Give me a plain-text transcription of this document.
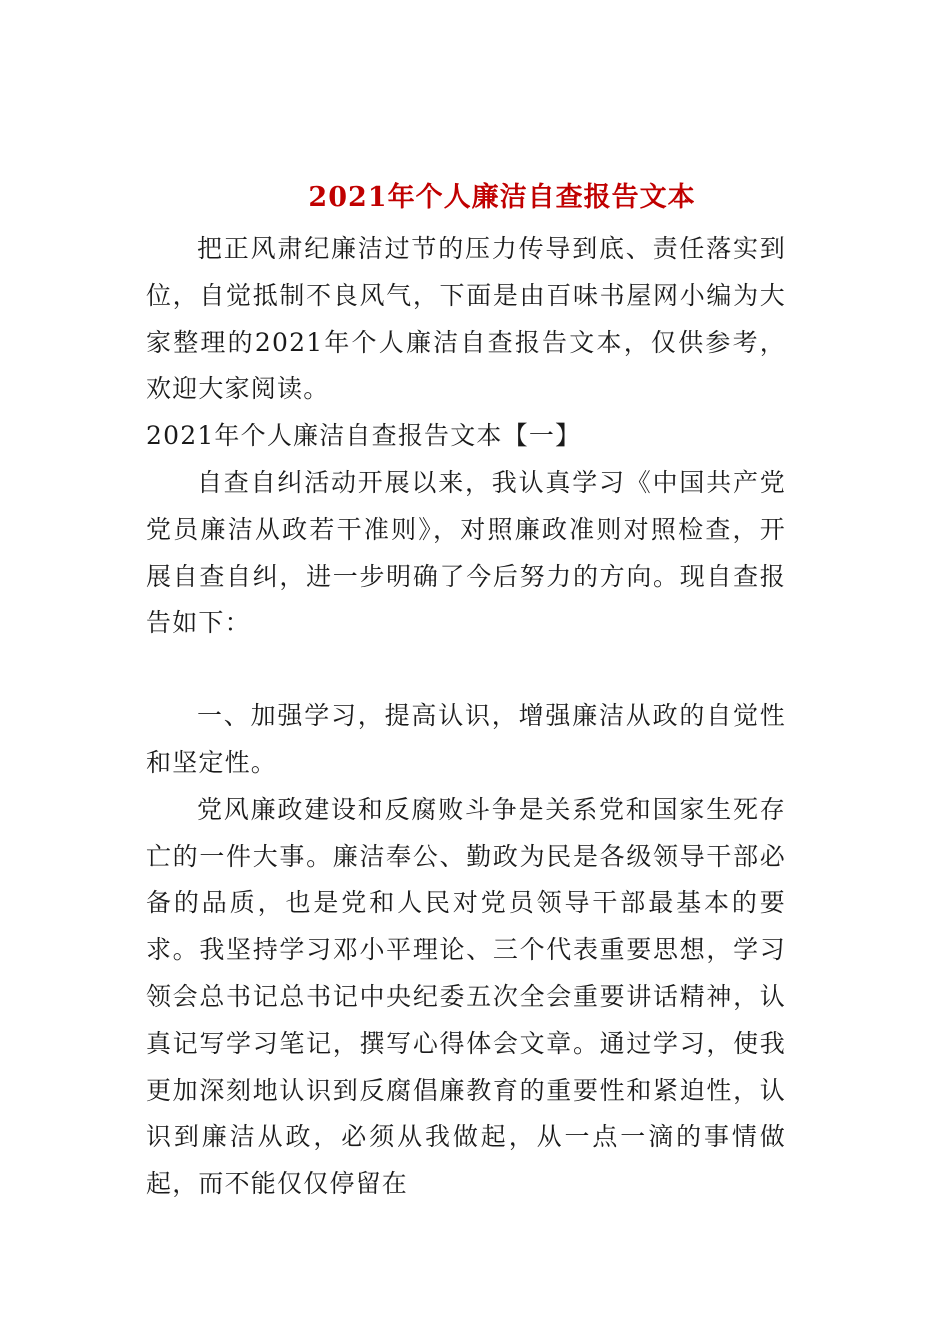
2021年个人廉洁自查报告文本

把正风肃纪廉洁过节的压力传导到底、责任落实到位，自觉抵制不良风气，下面是由百味书屋网小编为大家整理的2021年个人廉洁自查报告文本，仅供参考，欢迎大家阅读。

2021年个人廉洁自查报告文本【一】

自查自纠活动开展以来，我认真学习《中国共产党党员廉洁从政若干准则》，对照廉政准则对照检查，开展自查自纠，进一步明确了今后努力的方向。现自查报告如下：

一、加强学习，提高认识，增强廉洁从政的自觉性和坚定性。

党风廉政建设和反腐败斗争是关系党和国家生死存亡的一件大事。廉洁奉公、勤政为民是各级领导干部必备的品质，也是党和人民对党员领导干部最基本的要求。我坚持学习邓小平理论、三个代表重要思想，学习领会总书记总书记中央纪委五次全会重要讲话精神，认真记写学习笔记，撰写心得体会文章。通过学习，使我更加深刻地认识到反腐倡廉教育的重要性和紧迫性，认识到廉洁从政，必须从我做起，从一点一滴的事情做起，而不能仅仅停留在
